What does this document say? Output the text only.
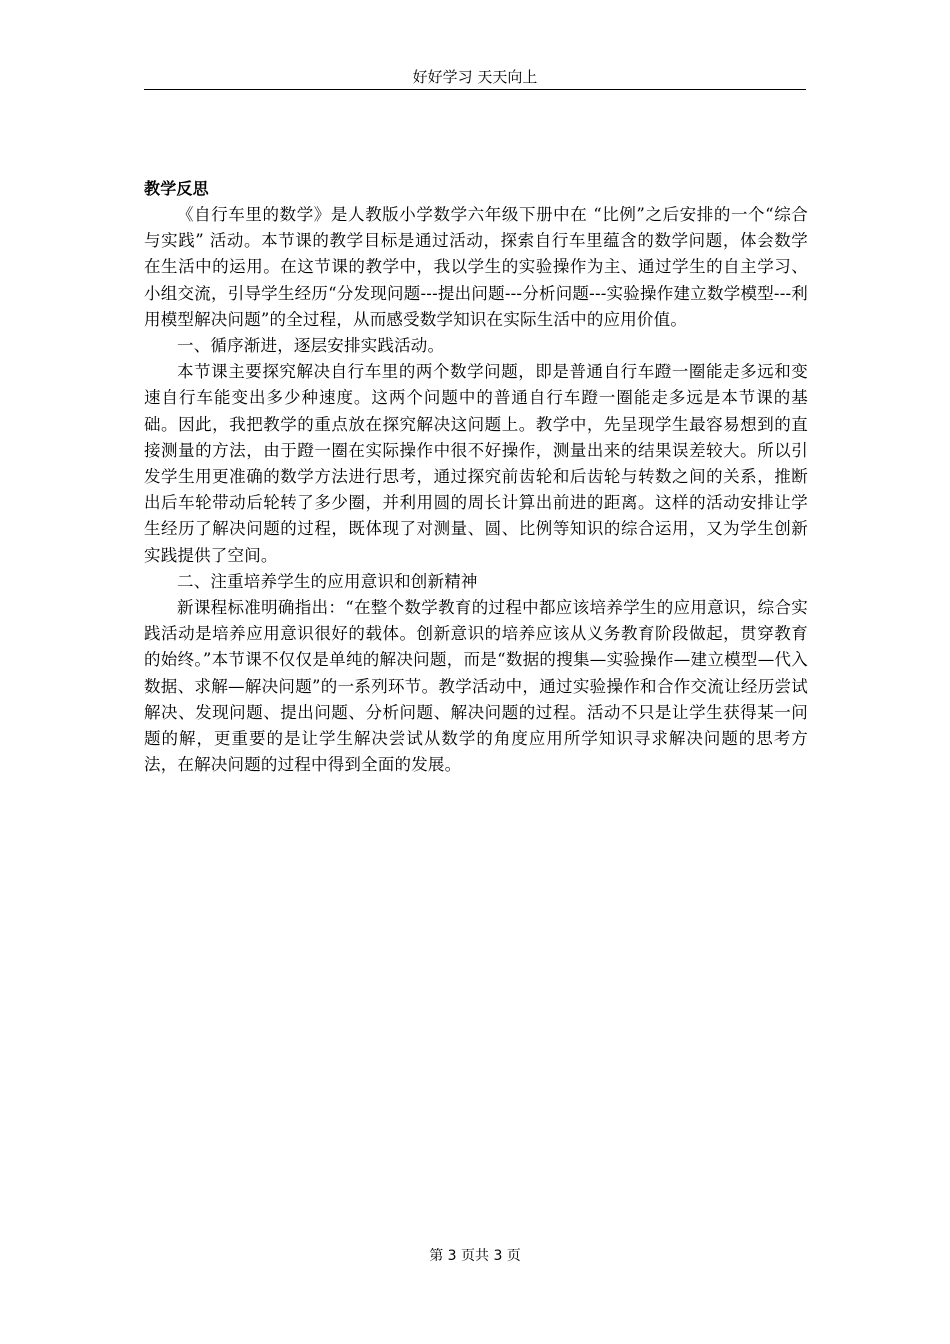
好好学习 天天向上

教学反思

《自行车里的数学》是人教版小学数学六年级下册中在 “比例”之后安排的一个“综合与实践” 活动。本节课的教学目标是通过活动，探索自行车里蕴含的数学问题，体会数学在生活中的运用。在这节课的教学中，我以学生的实验操作为主、通过学生的自主学习、小组交流，引导学生经历“分发现问题---提出问题---分析问题---实验操作建立数学模型---利用模型解决问题”的全过程，从而感受数学知识在实际生活中的应用价值。

一、循序渐进，逐层安排实践活动。

本节课主要探究解决自行车里的两个数学问题，即是普通自行车蹬一圈能走多远和变速自行车能变出多少种速度。这两个问题中的普通自行车蹬一圈能走多远是本节课的基础。因此，我把教学的重点放在探究解决这问题上。教学中，先呈现学生最容易想到的直接测量的方法，由于蹬一圈在实际操作中很不好操作，测量出来的结果误差较大。所以引发学生用更准确的数学方法进行思考，通过探究前齿轮和后齿轮与转数之间的关系，推断出后车轮带动后轮转了多少圈，并利用圆的周长计算出前进的距离。这样的活动安排让学生经历了解决问题的过程，既体现了对测量、圆、比例等知识的综合运用，又为学生创新实践提供了空间。

二、注重培养学生的应用意识和创新精神

新课程标准明确指出：“在整个数学教育的过程中都应该培养学生的应用意识，综合实践活动是培养应用意识很好的载体。创新意识的培养应该从义务教育阶段做起，贯穿教育的始终。”本节课不仅仅是单纯的解决问题，而是“数据的搜集—实验操作—建立模型—代入数据、求解—解决问题”的一系列环节。教学活动中，通过实验操作和合作交流让经历尝试解决、发现问题、提出问题、分析问题、解决问题的过程。活动不只是让学生获得某一问题的解，更重要的是让学生解决尝试从数学的角度应用所学知识寻求解决问题的思考方法，在解决问题的过程中得到全面的发展。

第 3 页共 3 页
